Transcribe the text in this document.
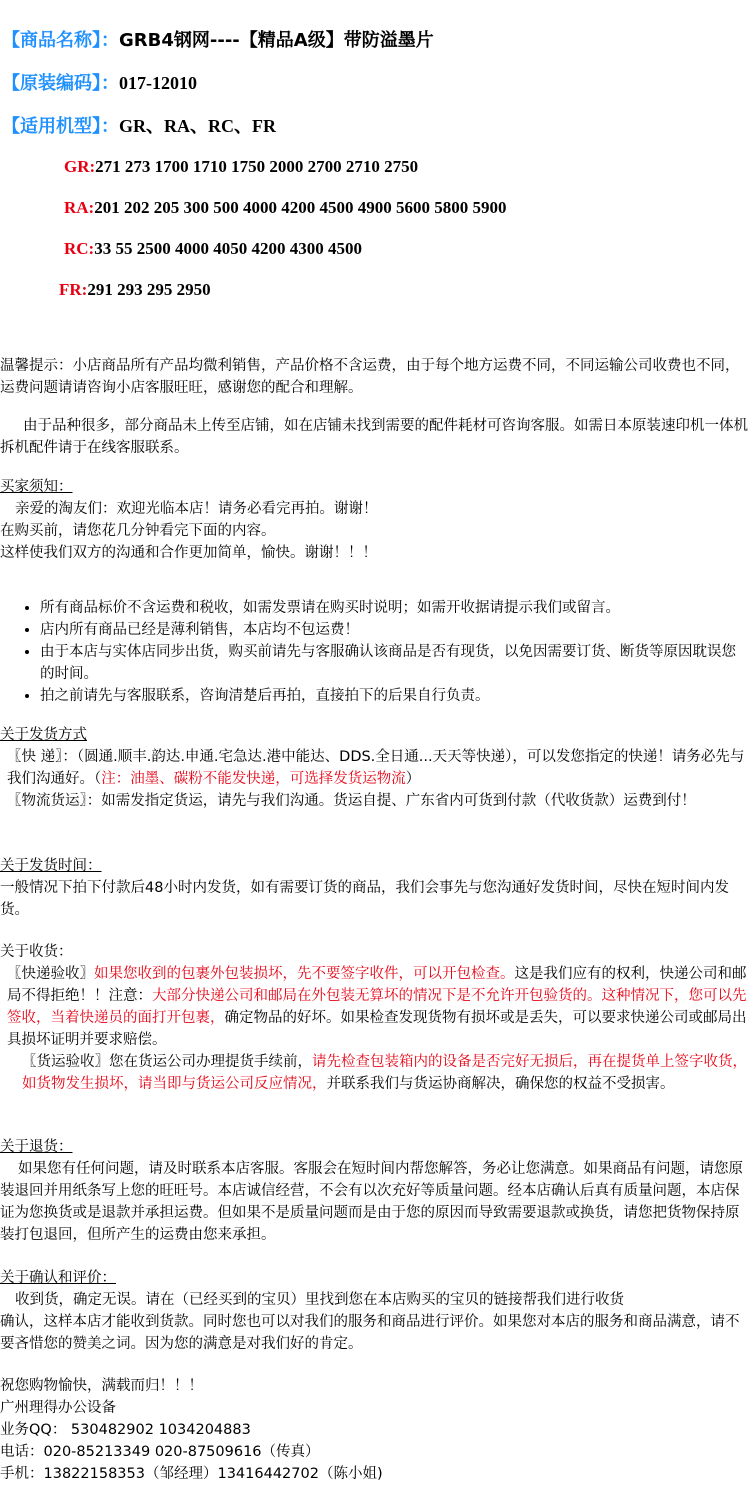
【商品名称】：GRB4钢网----【精品A级】带防溢墨片
【原装编码】：017-12010
【适用机型】：GR、RA、RC、FR
GR:271 273 1700 1710 1750 2000 2700 2710 2750
RA:201 202 205 300 500 4000 4200 4500 4900 5600 5800 5900
RC:33 55 2500 4000 4050 4200 4300 4500
FR:291 293 295 2950
温馨提示：小店商品所有产品均微利销售，产品价格不含运费，由于每个地方运费不同，不同运输公司收费也不同，运费问题请请咨询小店客服旺旺，感谢您的配合和理解。
由于品种很多，部分商品未上传至店铺，如在店铺未找到需要的配件耗材可咨询客服。如需日本原装速印机一体机拆机配件请于在线客服联系。
买家须知：
亲爱的淘友们：欢迎光临本店！请务必看完再拍。谢谢！
在购买前，请您花几分钟看完下面的内容。
这样使我们双方的沟通和合作更加简单，愉快。谢谢！！！
• 所有商品标价不含运费和税收，如需发票请在购买时说明；如需开收据请提示我们或留言。
• 店内所有商品已经是薄利销售，本店均不包运费！
• 由于本店与实体店同步出货，购买前请先与客服确认该商品是否有现货，以免因需要订货、断货等原因耽误您的时间。
• 拍之前请先与客服联系，咨询清楚后再拍，直接拍下的后果自行负责。
关于发货方式
〖快 递〗：（圆通.顺丰.韵达.申通.宅急达.港中能达、DDS.全日通...天天等快递），可以发您指定的快递！请务必先与我们沟通好。（注：油墨、碳粉不能发快递，可选择发货运物流）
〖物流货运〗：如需发指定货运，请先与我们沟通。货运自提、广东省内可货到付款（代收货款）运费到付！
关于发货时间：
一般情况下拍下付款后48小时内发货，如有需要订货的商品，我们会事先与您沟通好发货时间，尽快在短时间内发货。
关于收货：
〖快递验收〗如果您收到的包裹外包装损坏，先不要签字收件，可以开包检查。这是我们应有的权利，快递公司和邮局不得拒绝！！注意：大部分快递公司和邮局在外包装无算坏的情况下是不允许开包验货的。这种情况下，您可以先签收，当着快递员的面打开包裹，确定物品的好坏。如果检查发现货物有损坏或是丢失，可以要求快递公司或邮局出具损坏证明并要求赔偿。
〖货运验收〗您在货运公司办理提货手续前，请先检查包装箱内的设备是否完好无损后，再在提货单上签字收货，如货物发生损坏，请当即与货运公司反应情况，并联系我们与货运协商解决，确保您的权益不受损害。
关于退货：
如果您有任何问题，请及时联系本店客服。客服会在短时间内帮您解答，务必让您满意。如果商品有问题，请您原装退回并用纸条写上您的旺旺号。本店诚信经营，不会有以次充好等质量问题。经本店确认后真有质量问题，本店保证为您换货或是退款并承担运费。但如果不是质量问题而是由于您的原因而导致需要退款或换货，请您把货物保持原装打包退回，但所产生的运费由您来承担。
关于确认和评价：
收到货，确定无误。请在（已经买到的宝贝）里找到您在本店购买的宝贝的链接帮我们进行收货
确认，这样本店才能收到货款。同时您也可以对我们的服务和商品进行评价。如果您对本店的服务和商品满意，请不要吝惜您的赞美之词。因为您的满意是对我们好的肯定。
祝您购物愉快，满载而归！！！
广州理得办公设备
业务QQ： 530482902 1034204883
电话：020-85213349 020-87509616（传真）
手机：13822158353（邹经理）13416442702（陈小姐)
